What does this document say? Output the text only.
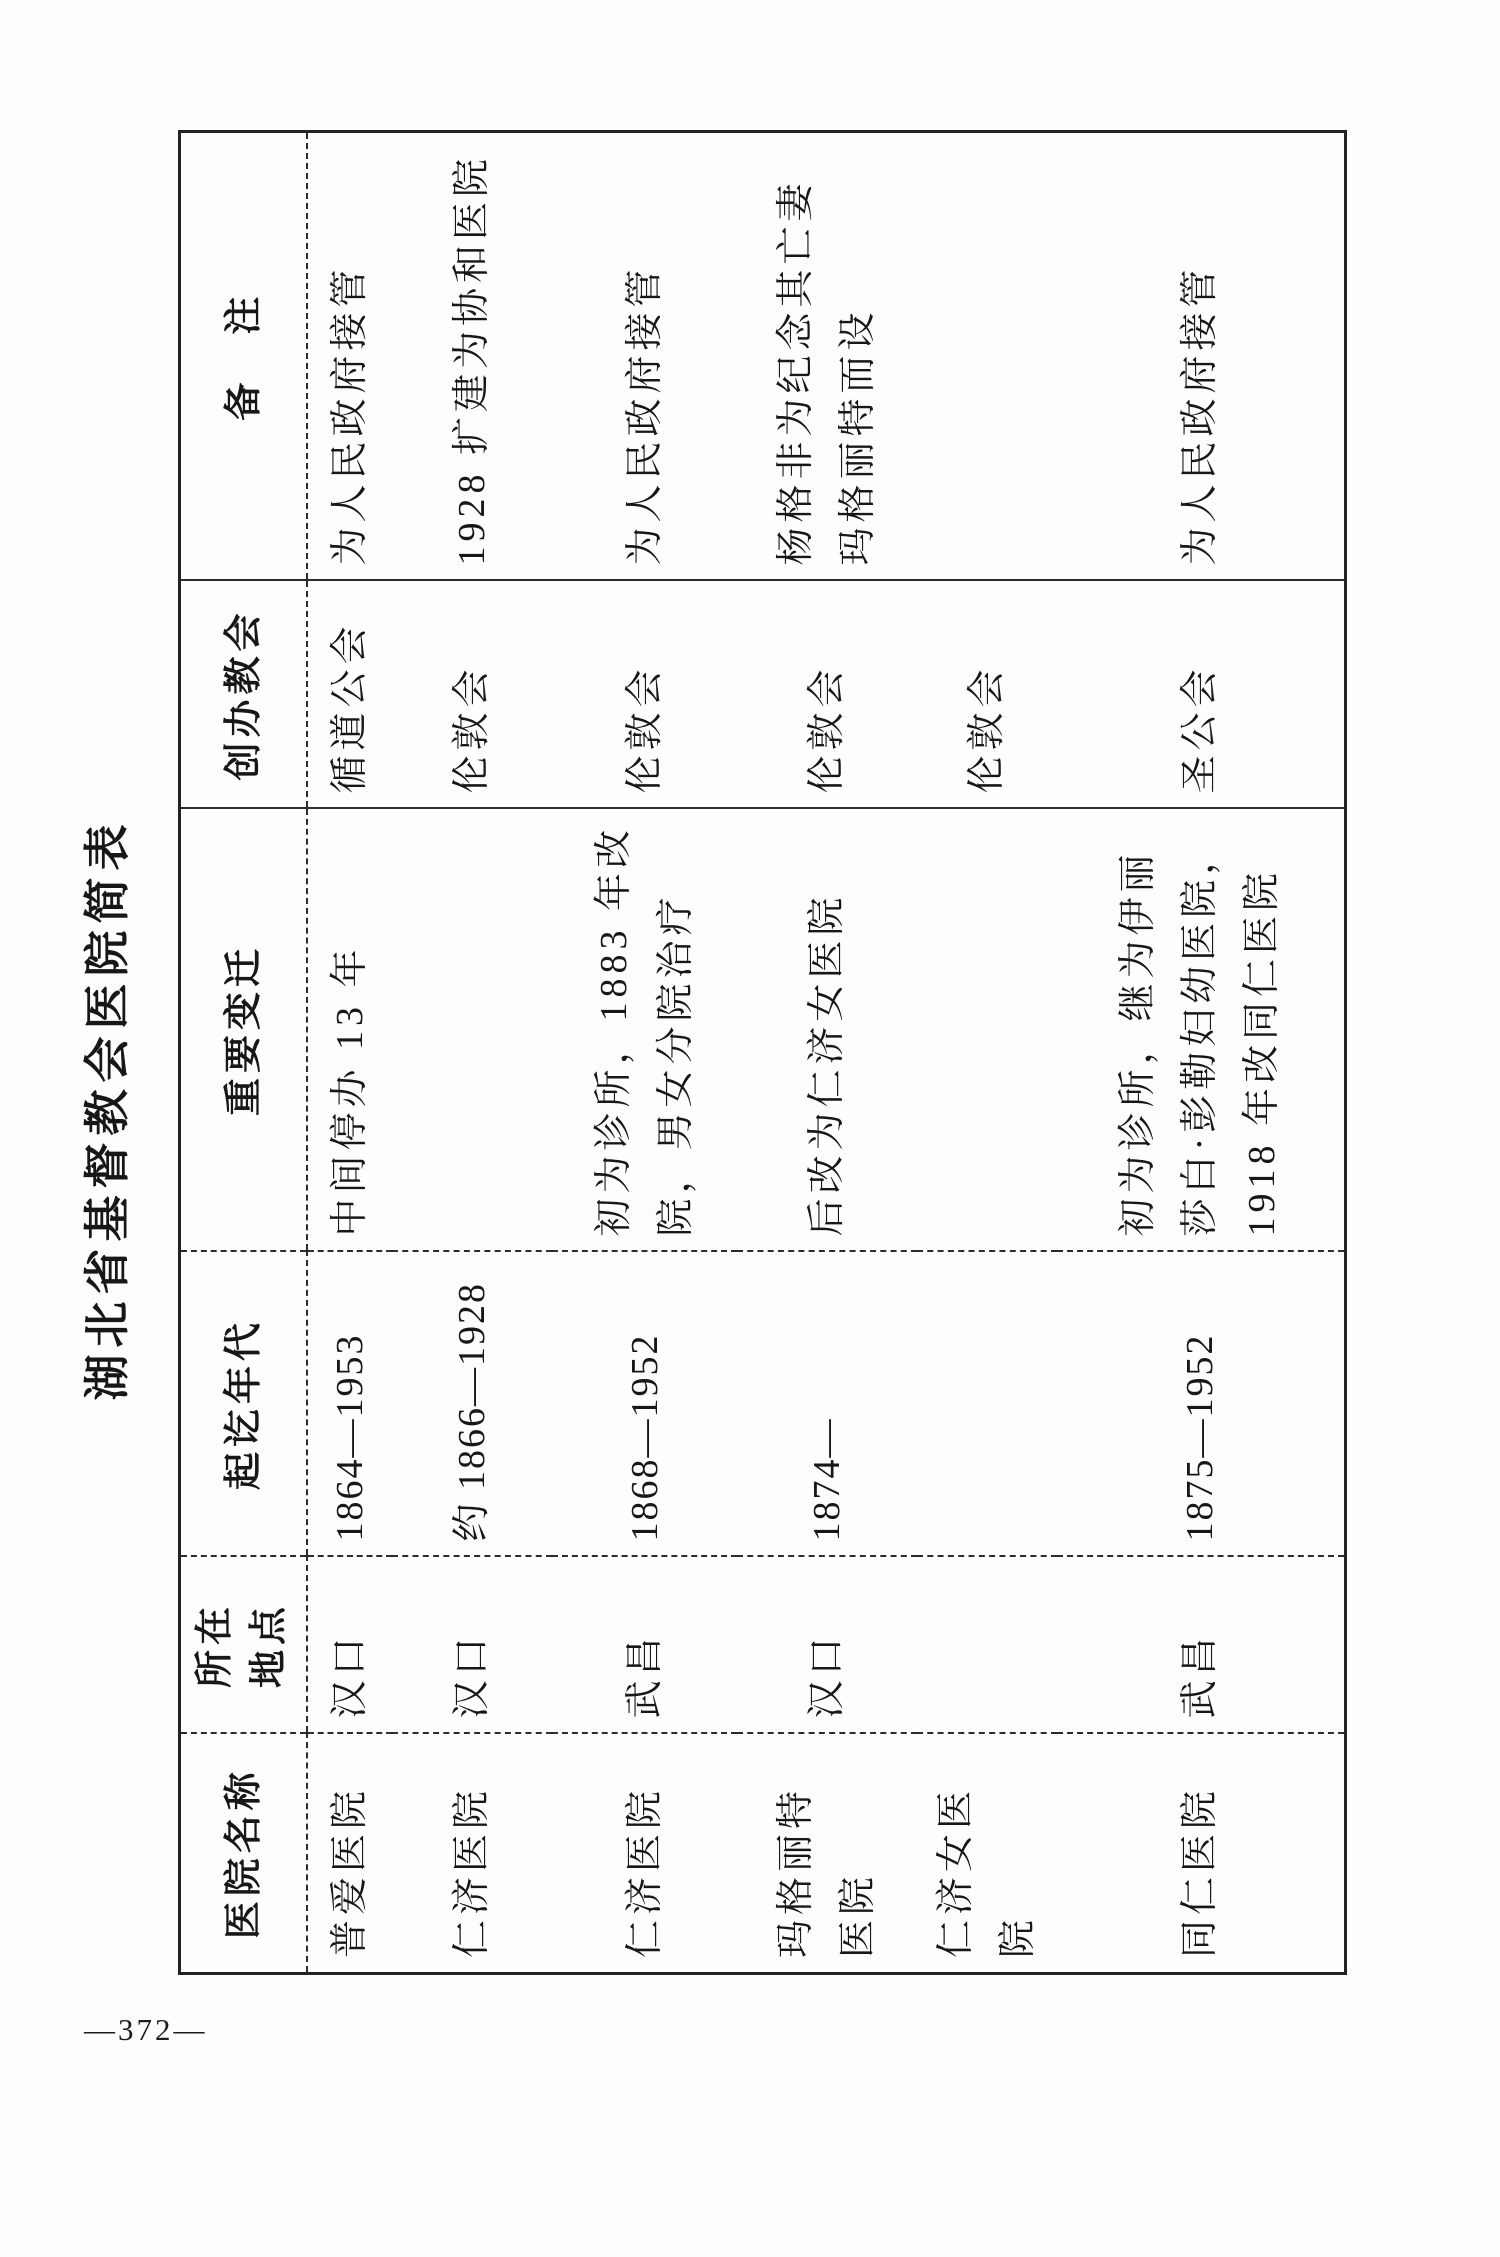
湖北省基督教会医院简表
医院名称	所在地点	起讫年代	重要变迁	创办教会	备　注
普爱医院	汉口	1864—1953	中间停办 13 年	循道公会	为人民政府接管
仁济医院	汉口	约 1866—1928		伦敦会	1928 扩建为协和医院
仁济医院	武昌	1868—1952	初为诊所，1883 年改院，男女分院治疗	伦敦会	为人民政府接管
玛格丽特医院	汉口	1874—	后改为仁济女医院	伦敦会	杨格非为纪念其亡妻玛格丽特而设
仁济女医院				伦敦会	
同仁医院	武昌	1875—1952	初为诊所，继为伊丽莎白·彭勒妇幼医院，1918 年改同仁医院	圣公会	为人民政府接管
—372—
